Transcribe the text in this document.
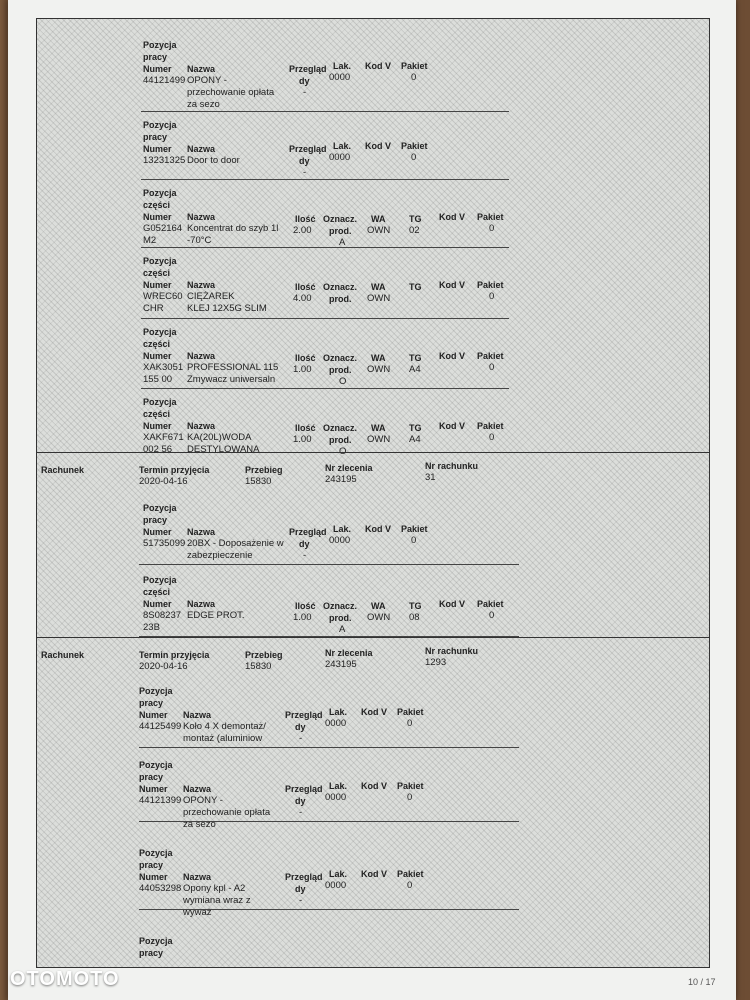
Pozycja
pracy
Numer Nazwa
44121499 OPONY -
przechowanie opłata
za sezo
Przegląd
dy
-
Lak.
0000
Kod V Pakiet
0
Pozycja
pracy
Numer Nazwa
13231325 Door to door
Przegląd
dy
-
Lak.
0000
Kod V Pakiet
0
Pozycja
części
Numer Nazwa
G052164
M2
Koncentrat do szyb 1l
-70°C
Ilość
2.00
Oznacz.
prod.
A
WA
OWN
TG
02
Kod V Pakiet
0
Pozycja
części
Numer Nazwa
WREC60
CHR
CIĘŻAREK
KLEJ 12X5G SLIM
Ilość
4.00
Oznacz.
prod.
WA
OWN
TG Kod V Pakiet
0
Pozycja
części
Numer Nazwa
XAK3051
155 00
PROFESSIONAL 115
Zmywacz uniwersaln
Ilość
1.00
Oznacz.
prod.
O
WA
OWN
TG
A4
Kod V Pakiet
0
Pozycja
części
Numer Nazwa
XAKF671
002 56
KA(20L)WODA
DESTYLOWANA
Ilość
1.00
Oznacz.
prod.
O
WA
OWN
TG
A4
Kod V Pakiet
0
Rachunek	Termin przyjęcia
2020-04-16
Przebieg
15830
Nr zlecenia
243195
Nr rachunku
31
Pozycja
pracy
Numer Nazwa
51735099 20BX - Doposażenie w
zabezpieczenie
Przegląd
dy
-
Lak.
0000
Kod V Pakiet
0
Pozycja
części
Numer Nazwa
8S08237
23B
EDGE PROT.
Ilość
1.00
Oznacz.
prod.
A
WA
OWN
TG
08
Kod V Pakiet
0
Rachunek	Termin przyjęcia
2020-04-16
Przebieg
15830
Nr zlecenia
243195
Nr rachunku
1293
Pozycja
pracy
Numer Nazwa
44125499 Koło 4 X demontaż/
montaż (aluminiow
Przegląd
dy
-
Lak.
0000
Kod V Pakiet
0
Pozycja
pracy
Numer Nazwa
44121399 OPONY -
przechowanie opłata
za sezo
Przegląd
dy
-
Lak.
0000
Kod V Pakiet
0
Pozycja
pracy
Numer Nazwa
44053298 Opony kpl - A2
wymiana wraz z
wyważ
Przegląd
dy
-
Lak.
0000
Kod V Pakiet
0
Pozycja
pracy
10 / 17
OTOMOTO
